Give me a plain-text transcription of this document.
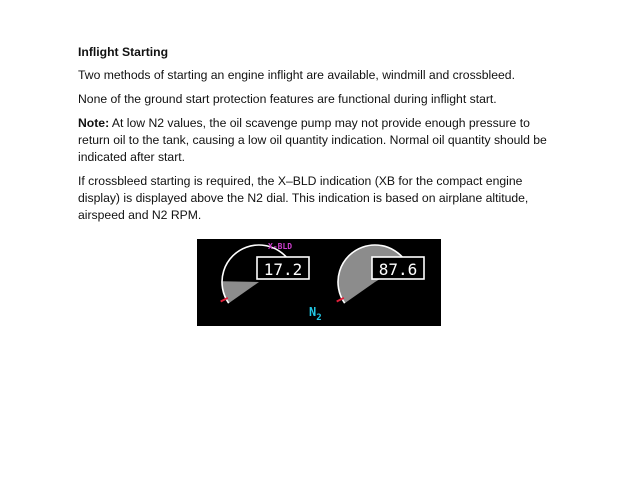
Inflight Starting
Two methods of starting an engine inflight are available, windmill and crossbleed.
None of the ground start protection features are functional during inflight start.
Note: At low N2 values, the oil scavenge pump may not provide enough pressure to return oil to the tank, causing a low oil quantity indication. Normal oil quantity should be indicated after start.
If crossbleed starting is required, the X–BLD indication (XB for the compact engine display) is displayed above the N2 dial. This indication is based on airplane altitude, airspeed and N2 RPM.
17.2
X-BLD
87.6
$N_2$
